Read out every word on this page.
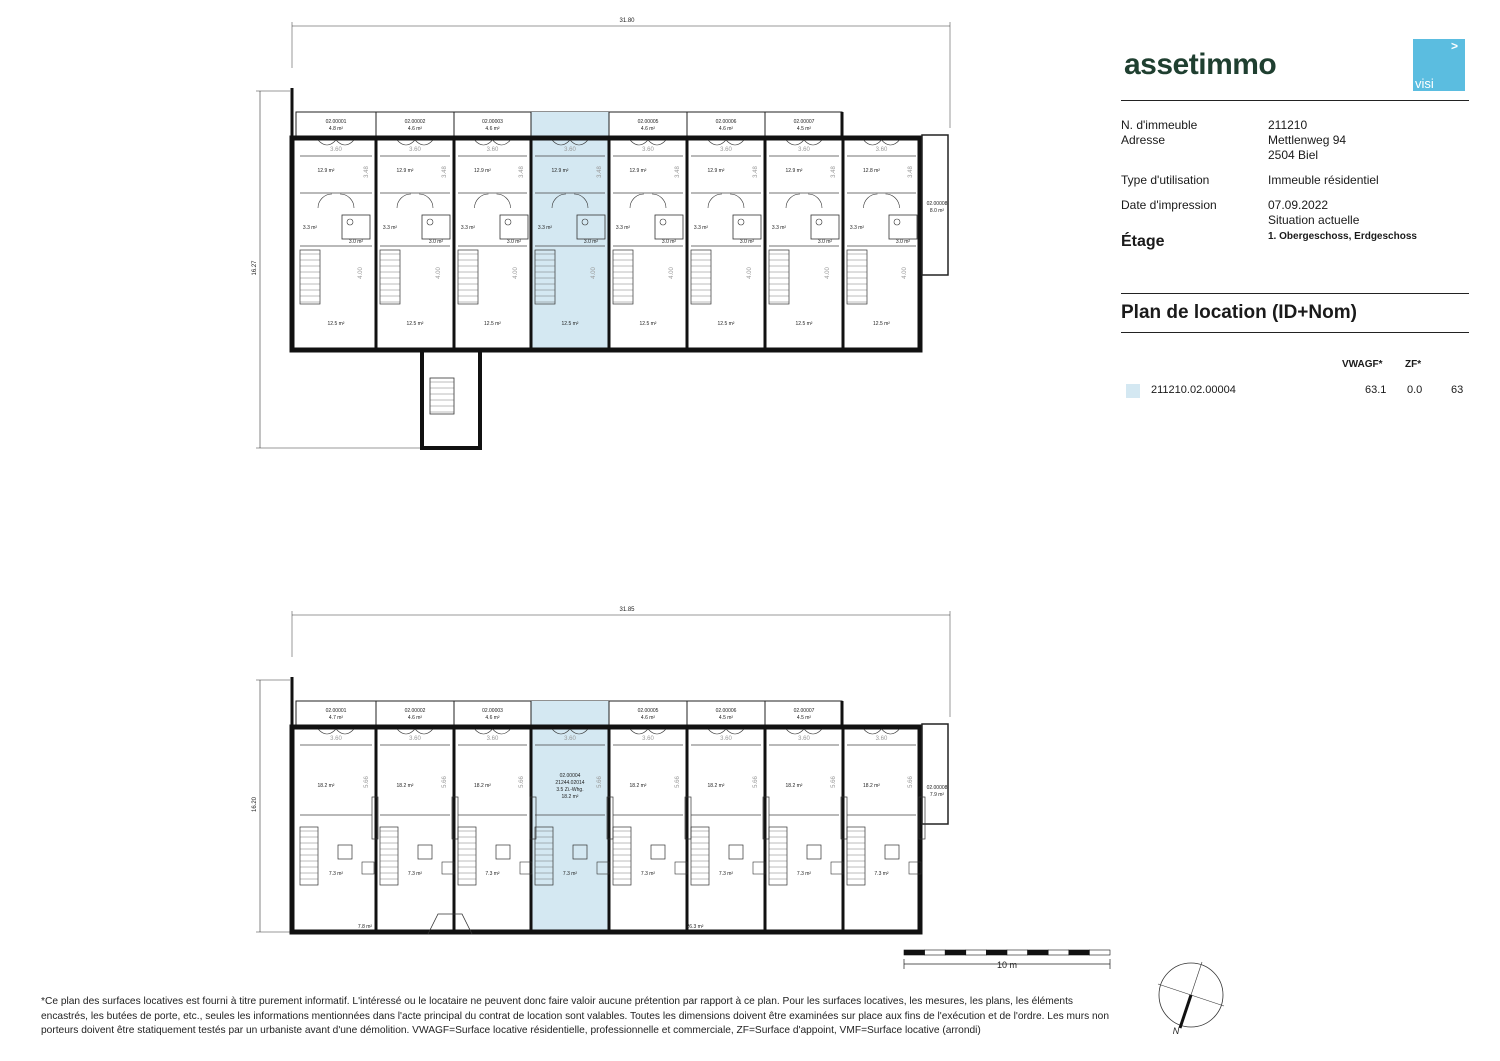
31.80
16.27
02.00001
4.8 m²
02.00002
4.6 m²
02.00003
4.6 m²
02.00005
4.6 m²
02.00006
4.6 m²
02.00007
4.5 m²
02.00008
8.0 m²
3.60
12.9 m²	3.48
3.3 m²
3.0 m²
4.00
12.5 m²
3.60
12.9 m²	3.48
3.3 m²
3.0 m²
4.00
12.5 m²
3.60
12.9 m²	3.48
3.3 m²
3.0 m²
4.00
12.5 m²
3.60
12.9 m²	3.48
3.3 m²
3.0 m²
4.00
12.5 m²
3.60
12.9 m²	3.48
3.3 m²
3.0 m²
4.00
12.5 m²
3.60
12.9 m²	3.48
3.3 m²
3.0 m²
4.00
12.5 m²
3.60
12.9 m²	3.48
3.3 m²
3.0 m²
4.00
12.5 m²
3.60
12.8 m²	3.48
3.3 m²
3.0 m²
4.00
12.5 m²
31.85
16.20
02.00001
4.7 m²
02.00002
4.6 m²
02.00003
4.6 m²
02.00005
4.6 m²
02.00006
4.5 m²
02.00007
4.5 m²
02.00008
7.9 m²
3.60
18.2 m²	5.66
7.3 m²
3.60
18.2 m²	5.66
7.3 m²
3.60
18.2 m²	5.66
7.3 m²
3.60
02.00004
21244.02014
3.5 Zi.-Whg.
18.2 m²
5.66
7.3 m²
3.60
18.2 m²	5.66
7.3 m²
3.60
18.2 m²	5.66
7.3 m²
3.60
18.2 m²	5.66
7.3 m²
3.60
18.2 m²	5.66
7.3 m²
7.8 m²	26.3 m²
10 m
N
assetimmo
>
visi
N. d'immeuble	211210
Adresse	Mettlenweg 94
2504 Biel
Type d'utilisation	Immeuble résidentiel
Date d'impression	07.09.2022
Situation actuelle
Étage	1. Obergeschoss, Erdgeschoss
Plan de location (ID+Nom)
VWAGF* ZF*
211210.02.00004	63.1 0.0	63
*Ce plan des surfaces locatives est fourni à titre purement informatif. L'intéressé ou le locataire ne peuvent donc faire valoir aucune prétention par rapport à ce plan. Pour les surfaces locatives, les mesures, les plans, les éléments encastrés, les butées de porte, etc., seules les informations mentionnées dans l'acte principal du contrat de location sont valables. Toutes les dimensions doivent être examinées sur place aux fins de l'exécution et de l'ordre. Les murs non porteurs doivent être statiquement testés par un urbaniste avant d'une démolition. VWAGF=Surface locative résidentielle, professionnelle et commerciale, ZF=Surface d'appoint, VMF=Surface locative (arrondi)
